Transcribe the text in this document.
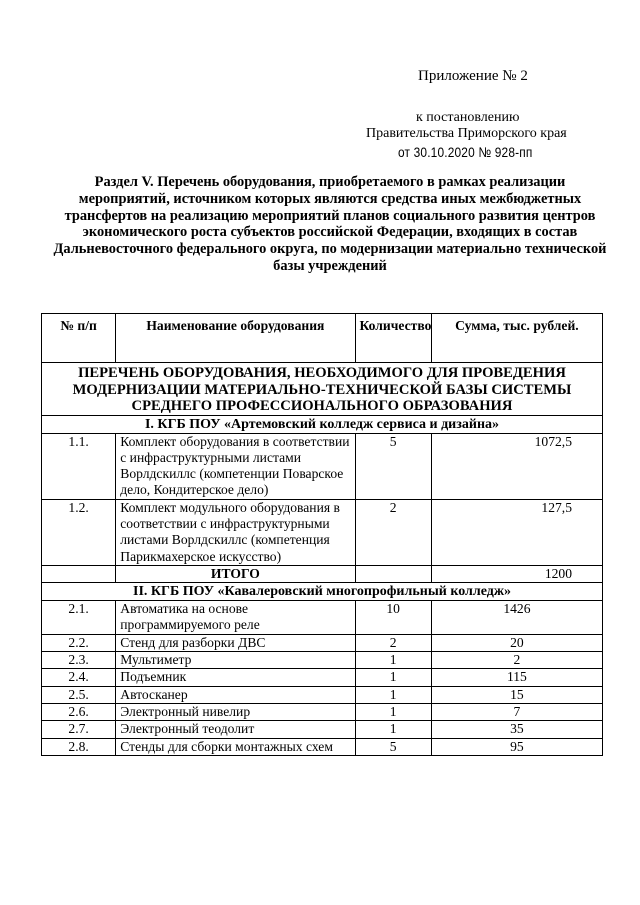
Приложение № 2
к постановлению
Правительства Приморского края
от 30.10.2020 № 928-пп
Раздел V. Перечень оборудования, приобретаемого в рамках реализации мероприятий, источником которых являются средства иных межбюджетных трансфертов на реализацию мероприятий планов социального развития центров экономического роста субъектов российской Федерации, входящих в состав Дальневосточного федерального округа, по модернизации материально технической базы учреждений
№ п/п	Наименование оборудования	Количество	Сумма, тыс. рублей.
ПЕРЕЧЕНЬ ОБОРУДОВАНИЯ, НЕОБХОДИМОГО ДЛЯ ПРОВЕДЕНИЯ МОДЕРНИЗАЦИИ МАТЕРИАЛЬНО-ТЕХНИЧЕСКОЙ БАЗЫ СИСТЕМЫ СРЕДНЕГО ПРОФЕССИОНАЛЬНОГО ОБРАЗОВАНИЯ			
I. КГБ ПОУ «Артемовский колледж сервиса и дизайна»			
1.1.	Комплект оборудования в соответствии с инфраструктурными листами Ворлдскиллс (компетенции Поварское дело, Кондитерское дело)	5	1072,5
1.2.	Комплект модульного оборудования в соответствии с инфраструктурными листами Ворлдскиллс (компетенция Парикмахерское искусство)	2	127,5
	ИТОГО		1200
II. КГБ ПОУ «Кавалеровский многопрофильный колледж»			
2.1.	Автоматика на основе программируемого реле	10	1426
2.2.	Стенд для разборки ДВС	2	20
2.3.	Мультиметр	1	2
2.4.	Подъемник	1	115
2.5.	Автосканер	1	15
2.6.	Электронный нивелир	1	7
2.7.	Электронный теодолит	1	35
2.8.	Стенды для сборки монтажных схем	5	95
